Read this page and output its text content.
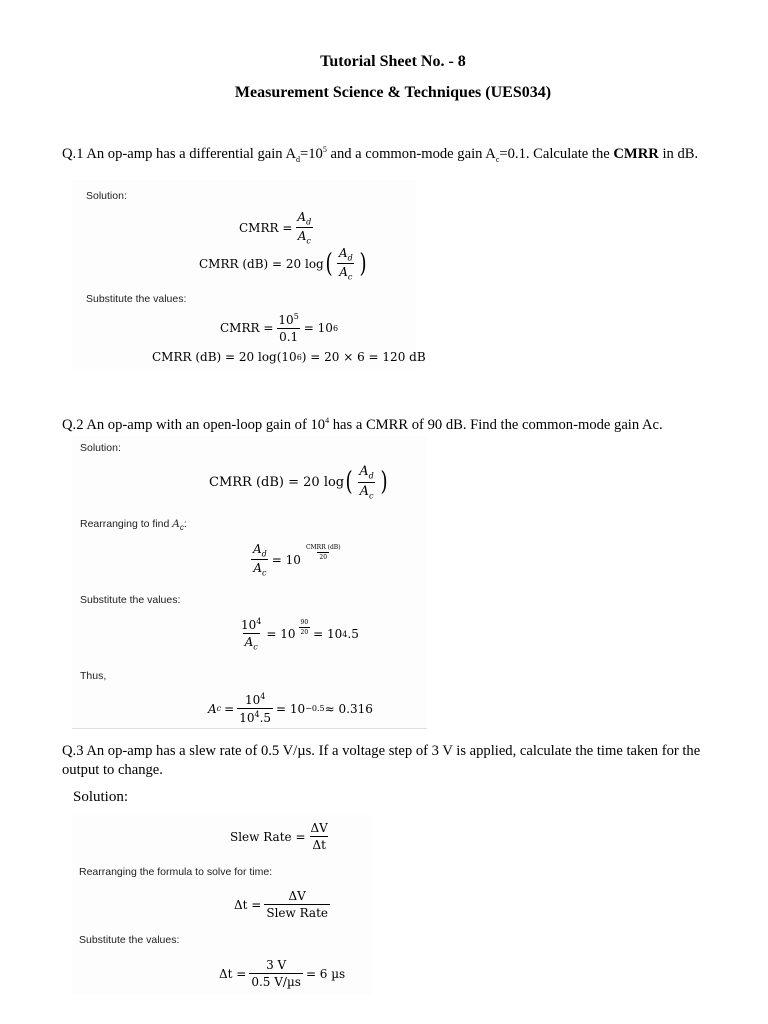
Tutorial Sheet No. - 8
Measurement Science & Techniques (UES034)
Q.1 An op-amp has a differential gain $A_d=10^5$ and a common-mode gain $A_c=0.1$. Calculate the CMRR in dB.
Solution:
CMRR = $\frac{A_d}{A_c}$
CMRR (dB) = 20 log ( $\frac{A_d}{A_c}$ )
Substitute the values:
CMRR = $\frac{10^5}{0.1} = 10$ 6
CMRR (dB) = 20 log(10 6 ) = 20 × 6 = 120 dB
Q.2 An op-amp with an open-loop gain of $10^4$ has a CMRR of 90 dB. Find the common-mode gain Ac.
Solution:
CMRR (dB) = 20 log ( $\frac{A_d}{A_c}$ )
Rearranging to find $A_c$:
$\frac{A_d}{A_c} = 10 \frac{\text{CMRR (dB)}}{20}$
Substitute the values:
$\frac{10^4}{A_c} = 10 \frac{90}{20} = 10$ 4 .5
Thus,
A $c = \frac{10^4}{10^4.5} = 10 -0.5 \approx 0.316$
Q.3 An op-amp has a slew rate of 0.5 V/µs. If a voltage step of 3 V is applied, calculate the time taken for the output to change.
Solution:
Slew Rate = $\frac{\Delta V}{\Delta t}$
Rearranging the formula to solve for time:
$\Delta t = \frac{\Delta V}{\text{Slew Rate}}$
Substitute the values:
$\Delta t = \frac{3 V}{\text{0.5 V/µs}} = 6$ µs
